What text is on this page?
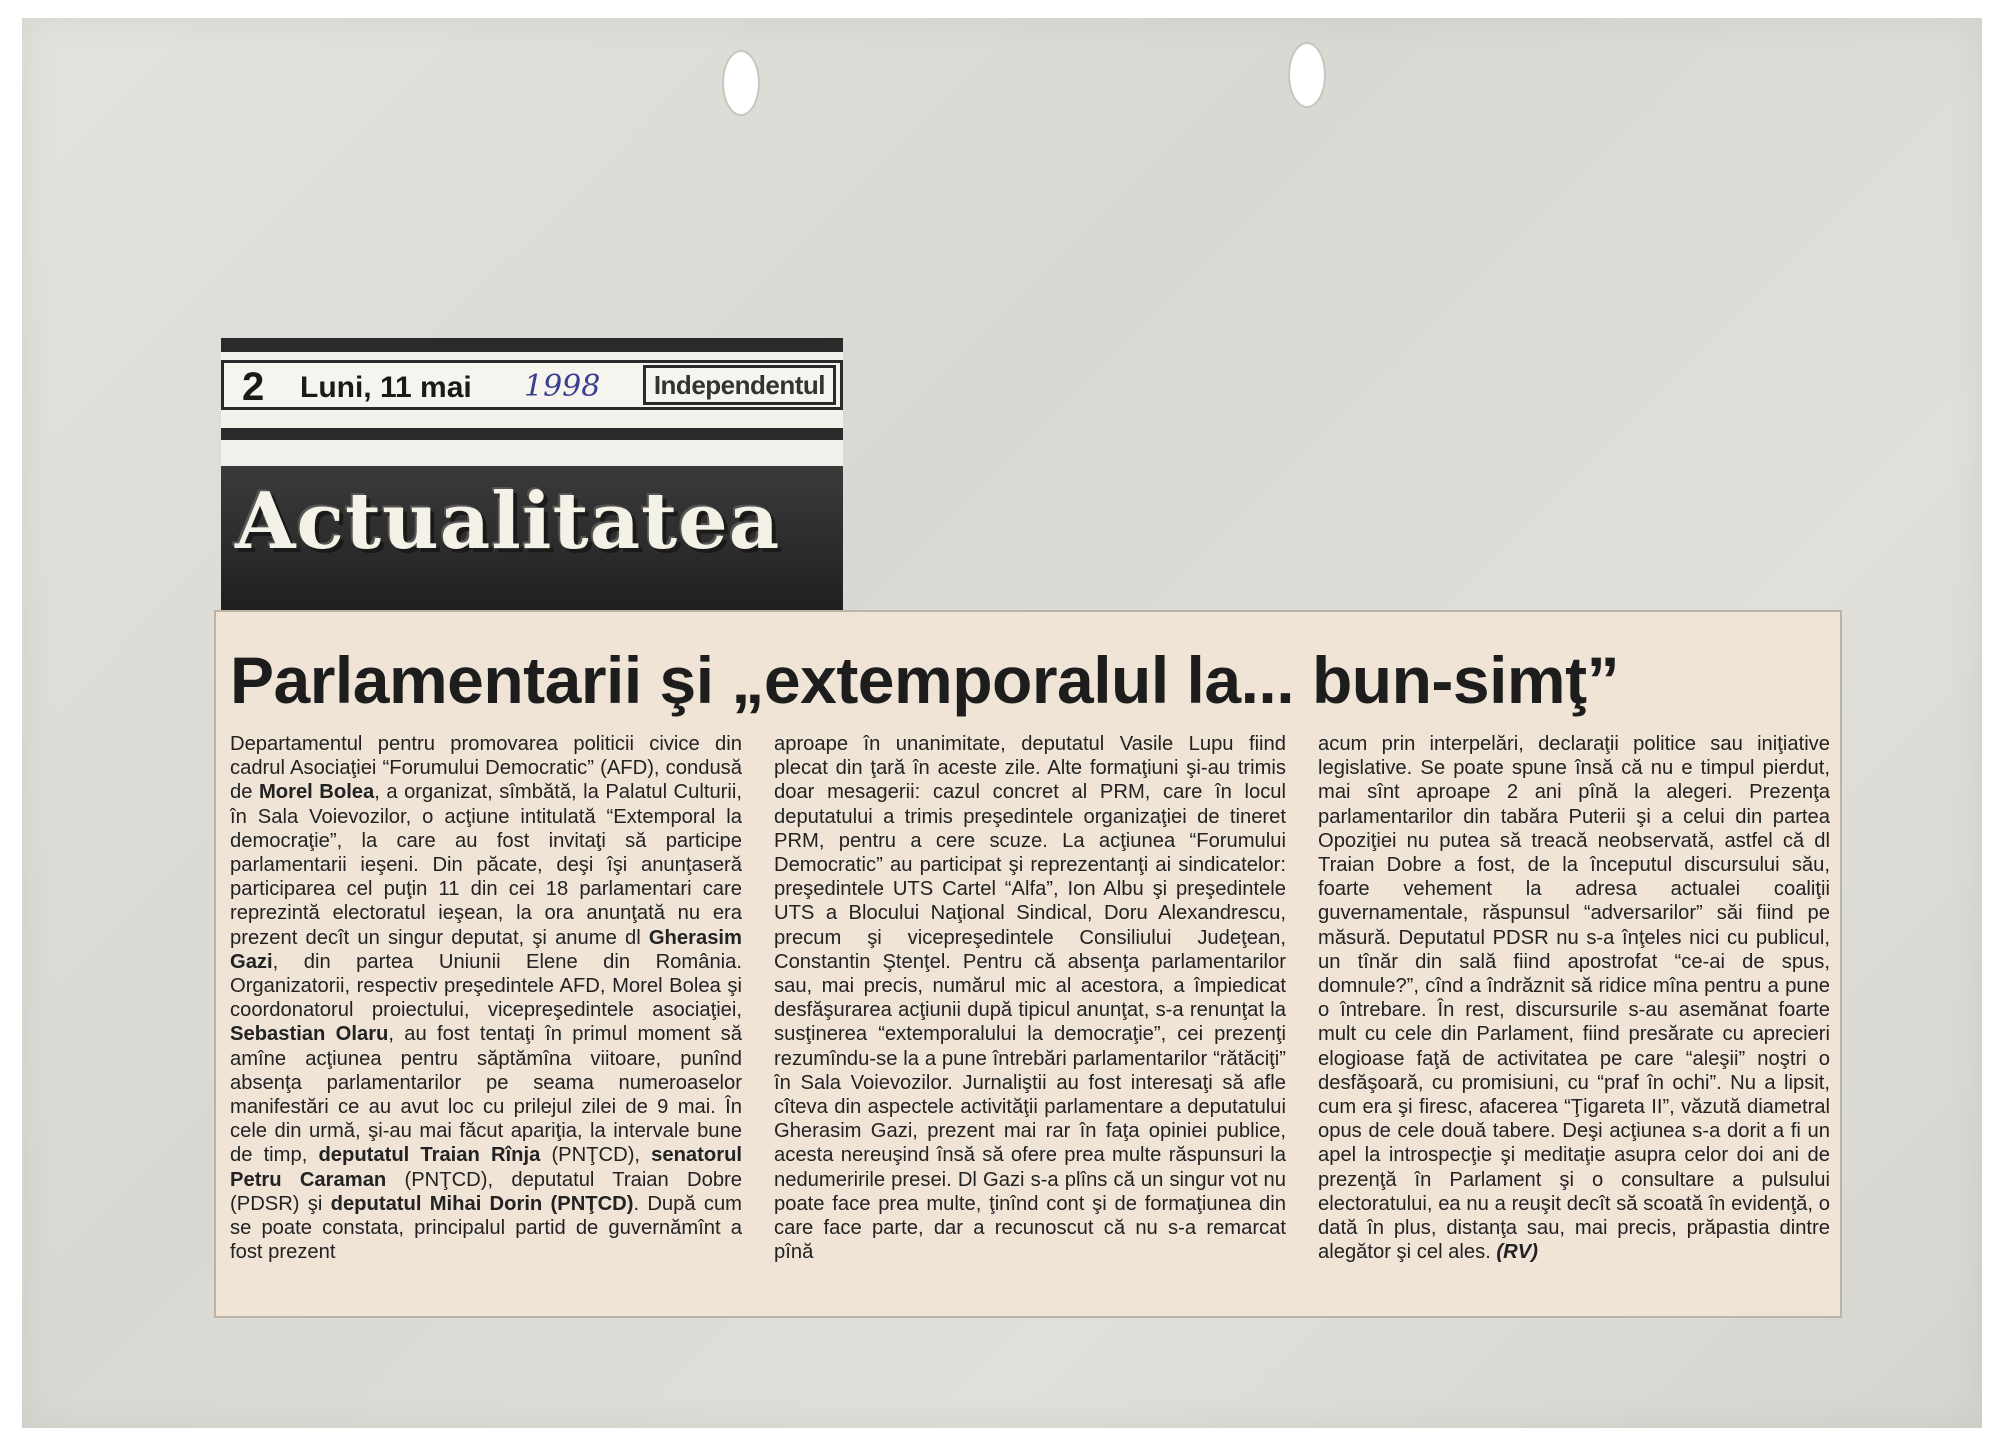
2 Luni, 11 mai 1998	Independentul
Actualitatea
Parlamentarii şi „extemporalul la... bun-simţ”

Departamentul pentru promovarea politicii civice din cadrul Asociaţiei “Forumului Democratic” (AFD), condusă de Morel Bolea, a organizat, sîmbătă, la Palatul Culturii, în Sala Voievozilor, o acţiune intitulată “Extemporal la democraţie”, la care au fost invitaţi să participe parlamentarii ieşeni. Din păcate, deşi îşi anunţaseră participarea cel puţin 11 din cei 18 parlamentari care reprezintă electoratul ieşean, la ora anunţată nu era prezent decît un singur deputat, şi anume dl Gherasim Gazi, din partea Uniunii Elene din România. Organizatorii, respectiv preşedintele AFD, Morel Bolea şi coordonatorul proiectului, vicepreşedintele asociaţiei, Sebastian Olaru, au fost tentaţi în primul moment să amîne acţiunea pentru săptămîna viitoare, punînd absenţa parlamentarilor pe seama numeroaselor manifestări ce au avut loc cu prilejul zilei de 9 mai. În cele din urmă, şi-au mai făcut apariţia, la intervale bune de timp, deputatul Traian Rînja (PNŢCD), senatorul Petru Caraman (PNŢCD), deputatul Traian Dobre (PDSR) şi deputatul Mihai Dorin (PNŢCD). După cum se poate constata, principalul partid de guvernămînt a fost prezent

aproape în unanimitate, deputatul Vasile Lupu fiind plecat din ţară în aceste zile. Alte formaţiuni şi-au trimis doar mesagerii: cazul concret al PRM, care în locul deputatului a trimis preşedintele organizaţiei de tineret PRM, pentru a cere scuze. La acţiunea “Forumului Democratic” au participat şi reprezentanţi ai sindicatelor: preşedintele UTS Cartel “Alfa”, Ion Albu şi preşedintele UTS a Blocului Naţional Sindical, Doru Alexandrescu, precum şi vicepreşedintele Consiliului Judeţean, Constantin Ştenţel. Pentru că absenţa parlamentarilor sau, mai precis, numărul mic al acestora, a împiedicat desfăşurarea acţiunii după tipicul anunţat, s-a renunţat la susţinerea “extemporalului la democraţie”, cei prezenţi rezumîndu-se la a pune întrebări parlamentarilor “rătăciţi” în Sala Voievozilor. Jurnaliştii au fost interesaţi să afle cîteva din aspectele activităţii parlamentare a deputatului Gherasim Gazi, prezent mai rar în faţa opiniei publice, acesta nereuşind însă să ofere prea multe răspunsuri la nedumeririle presei. Dl Gazi s-a plîns că un singur vot nu poate face prea multe, ţinînd cont şi de formaţiunea din care face parte, dar a recunoscut că nu s-a remarcat pînă

acum prin interpelări, declaraţii politice sau iniţiative legislative. Se poate spune însă că nu e timpul pierdut, mai sînt aproape 2 ani pînă la alegeri. Prezenţa parlamentarilor din tabăra Puterii şi a celui din partea Opoziţiei nu putea să treacă neobservată, astfel că dl Traian Dobre a fost, de la începutul discursului său, foarte vehement la adresa actualei coaliţii guvernamentale, răspunsul “adversarilor” săi fiind pe măsură. Deputatul PDSR nu s-a înţeles nici cu publicul, un tînăr din sală fiind apostrofat “ce-ai de spus, domnule?”, cînd a îndrăznit să ridice mîna pentru a pune o întrebare. În rest, discursurile s-au asemănat foarte mult cu cele din Parlament, fiind presărate cu aprecieri elogioase faţă de activitatea pe care “aleşii” noştri o desfăşoară, cu promisiuni, cu “praf în ochi”. Nu a lipsit, cum era şi firesc, afacerea “Ţigareta II”, văzută diametral opus de cele două tabere. Deşi acţiunea s-a dorit a fi un apel la introspecţie şi meditaţie asupra celor doi ani de prezenţă în Parlament şi o consultare a pulsului electoratului, ea nu a reuşit decît să scoată în evidenţă, o dată în plus, distanţa sau, mai precis, prăpastia dintre alegător şi cel ales. (RV)
